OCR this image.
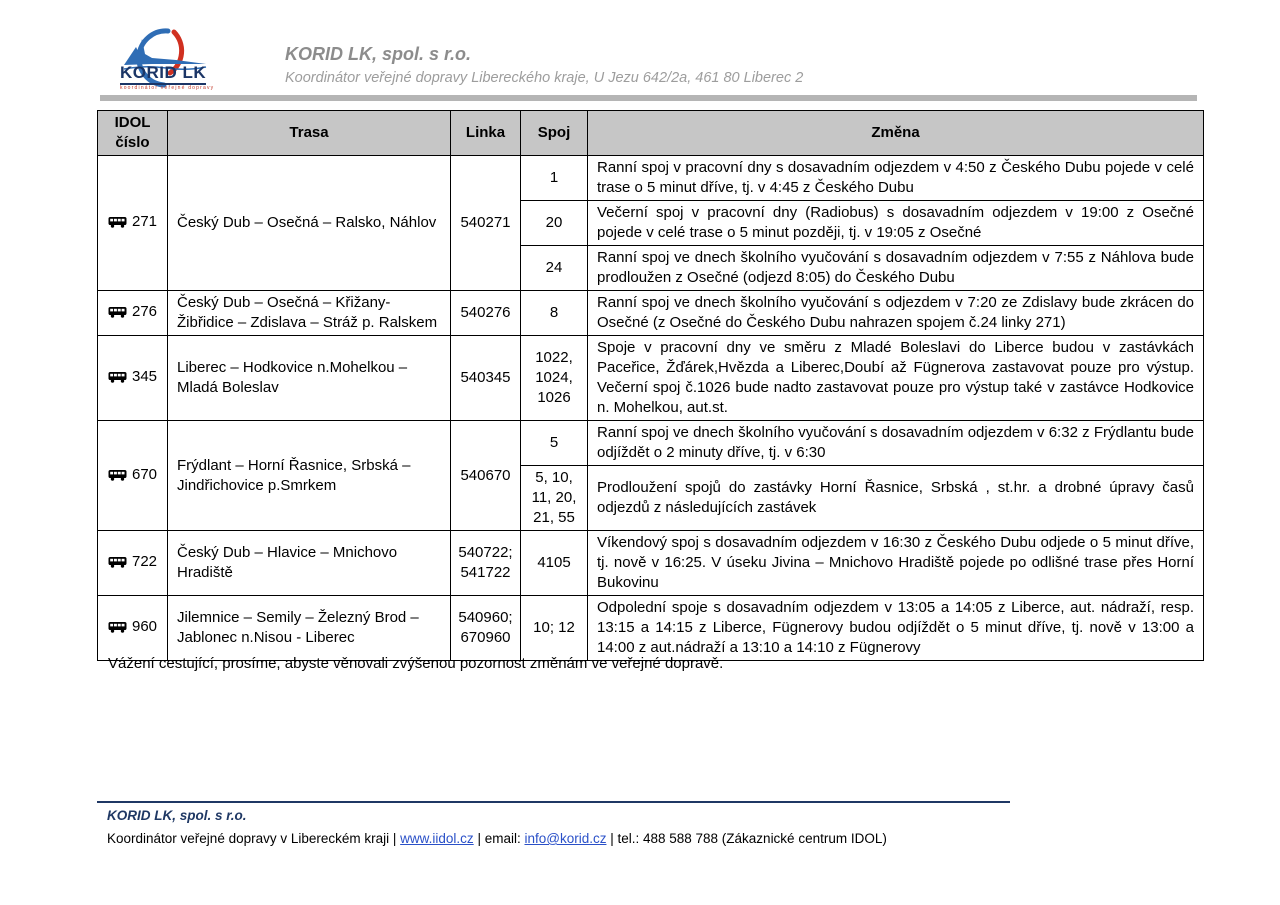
KORID LK
koordinátor veřejné dopravy
KORID LK, spol. s r.o.
Koordinátor veřejné dopravy Libereckého kraje, U Jezu 642/2a, 461 80 Liberec 2
IDOL číslo	Trasa	Linka	Spoj	Změna

271	Český Dub – Osečná – Ralsko, Náhlov	540271	1	Ranní spoj v pracovní dny s dosavadním odjezdem v 4:50 z Českého Dubu pojede v celé trase o 5 minut dříve, tj. v 4:45 z Českého Dubu
			20	Večerní spoj v pracovní dny (Radiobus) s dosavadním odjezdem v 19:00 z Osečné pojede v celé trase o 5 minut později, tj. v 19:05 z Osečné
			24	Ranní spoj ve dnech školního vyučování s dosavadním odjezdem v 7:55 z Náhlova bude prodloužen z Osečné (odjezd 8:05) do Českého Dubu

276	Český Dub – Osečná – Křižany-Žibřidice – Zdislava – Stráž p. Ralskem	540276	8	Ranní spoj ve dnech školního vyučování s odjezdem v 7:20 ze Zdislavy bude zkrácen do Osečné (z Osečné do Českého Dubu nahrazen spojem č.24 linky 271)

345	Liberec – Hodkovice n.Mohelkou – Mladá Boleslav	540345	1022, 1024, 1026	Spoje v pracovní dny ve směru z Mladé Boleslavi do Liberce budou v zastávkách Paceřice, Žďárek,Hvězda a Liberec,Doubí až Fügnerova zastavovat pouze pro výstup. Večerní spoj č.1026 bude nadto zastavovat pouze pro výstup také v zastávce Hodkovice n. Mohelkou, aut.st.

670	Frýdlant – Horní Řasnice, Srbská – Jindřichovice p.Smrkem	540670	5	Ranní spoj ve dnech školního vyučování s dosavadním odjezdem v 6:32 z Frýdlantu bude odjíždět o 2 minuty dříve, tj. v 6:30
			5, 10, 11, 20, 21, 55	Prodloužení spojů do zastávky Horní Řasnice, Srbská , st.hr. a drobné úpravy časů odjezdů z následujících zastávek

722	Český Dub – Hlavice – Mnichovo Hradiště	540722; 541722	4105	Víkendový spoj s dosavadním odjezdem v 16:30 z Českého Dubu odjede o 5 minut dříve, tj. nově v 16:25. V úseku Jivina – Mnichovo Hradiště pojede po odlišné trase přes Horní Bukovinu

960	Jilemnice – Semily – Železný Brod – Jablonec n.Nisou - Liberec	540960; 670960	10; 12	Odpolední spoje s dosavadním odjezdem v 13:05 a 14:05 z Liberce, aut. nádraží, resp. 13:15 a 14:15 z Liberce, Fügnerovy budou odjíždět o 5 minut dříve, tj. nově v 13:00 a 14:00 z aut.nádraží a 13:10 a 14:10 z Fügnerovy
Vážení cestující, prosíme, abyste věnovali zvýšenou pozornost změnám ve veřejné dopravě.
KORID LK, spol. s r.o.
Koordinátor veřejné dopravy v Libereckém kraji | www.iidol.cz | email: info@korid.cz | tel.: 488 588 788 (Zákaznické centrum IDOL)
